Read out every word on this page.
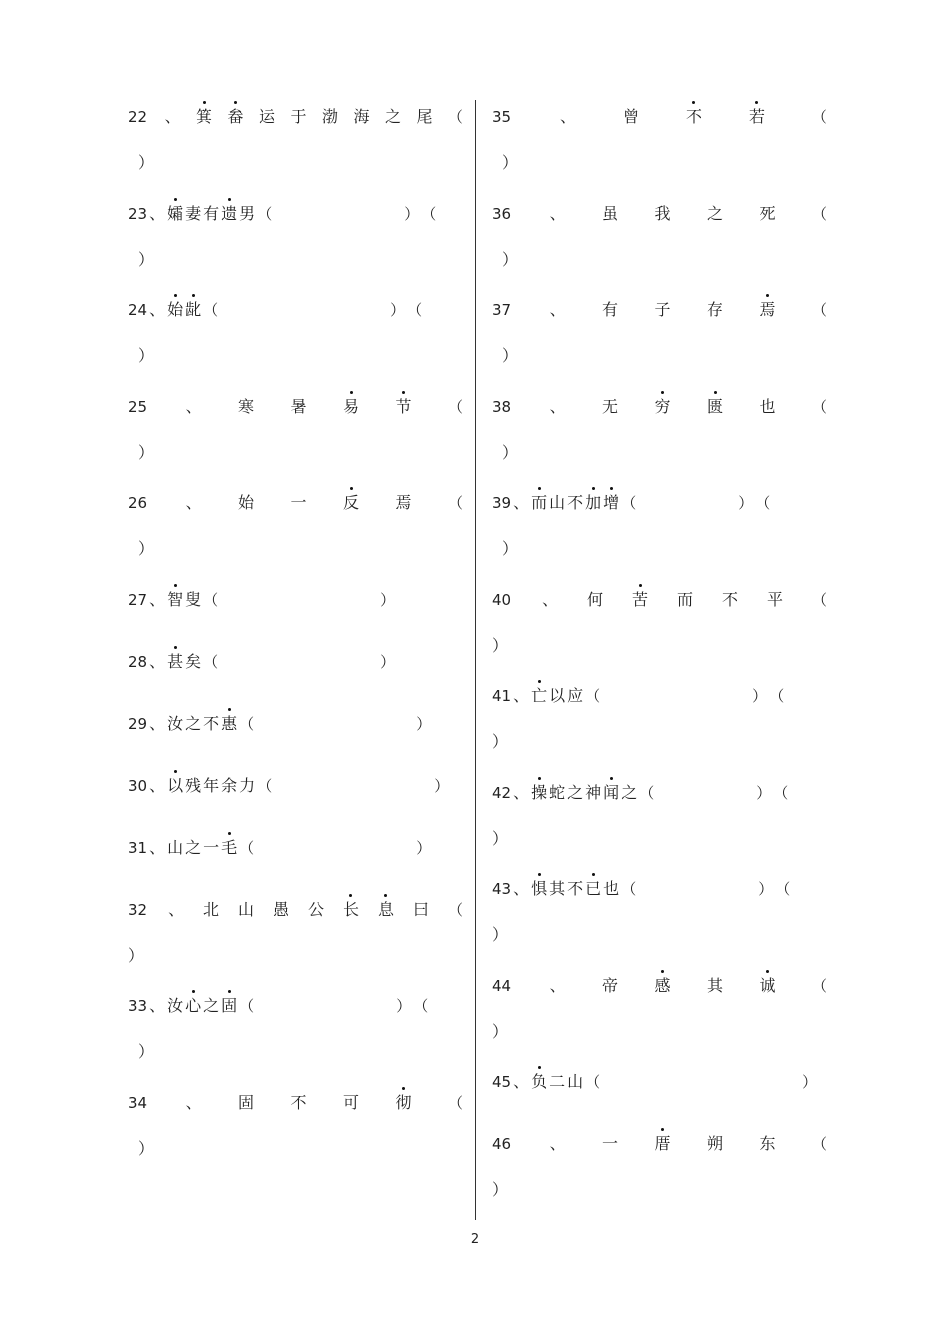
22 、 箕 畚 运 于 渤 海 之 尾 （
）
23 、 孀 妻 有 遗 男 （	） （
）
24 、 始 龀 （	） （
）
25 、 寒 暑 易 节 （
）
26 、 始 一 反 焉 （
）
27 、 智 叟 （	）
28 、 甚 矣 （	）
29 、 汝 之 不 惠 （	）
30 、 以 残 年 余 力 （	）
31 、 山 之 一 毛 （	）
32 、 北 山 愚 公 长 息 曰 （
）
33 、 汝 心 之 固 （	） （
）
34 、 固 不 可 彻 （
）
35	、	曾	不	若	（
）
36 、 虽 我 之 死 （
）
37 、 有 子 存 焉 （
）
38 、 无 穷 匮 也 （
）
39 、 而 山 不 加 增 （	） （
）
40 、 何 苦 而 不 平 （
）
41 、 亡 以 应 （	） （
）
42 、 操 蛇 之 神 闻 之 （	） （
）
43 、 惧 其 不 已 也 （	） （
）
44 、 帝 感 其 诚 （
）
45 、 负 二 山 （	）
46 、 一 厝 朔 东 （
）
2
